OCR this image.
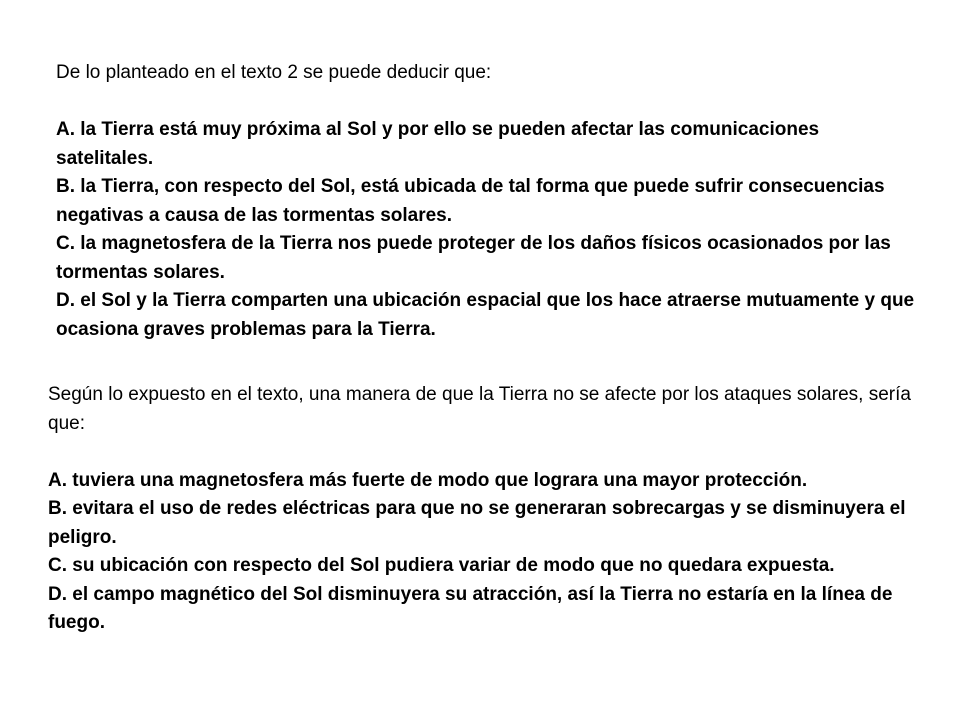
De lo planteado en el texto 2 se puede deducir que:

A. la Tierra está muy próxima al Sol y por ello se pueden afectar las comunicaciones satelitales.

B. la Tierra, con respecto del Sol, está ubicada de tal forma que puede sufrir consecuencias negativas a causa de las tormentas solares.

C. la magnetosfera de la Tierra nos puede proteger de los daños físicos ocasionados por las tormentas solares.

D. el Sol y la Tierra comparten una ubicación espacial que los hace atraerse mutuamente y que ocasiona graves problemas para la Tierra.

Según lo expuesto en el texto, una manera de que la Tierra no se afecte por los ataques solares, sería que:

A. tuviera una magnetosfera más fuerte de modo que lograra una mayor protección.

B. evitara el uso de redes eléctricas para que no se generaran sobrecargas y se disminuyera el peligro.

C. su ubicación con respecto del Sol pudiera variar de modo que no quedara expuesta.

D. el campo magnético del Sol disminuyera su atracción, así la Tierra no estaría en la línea de fuego.
